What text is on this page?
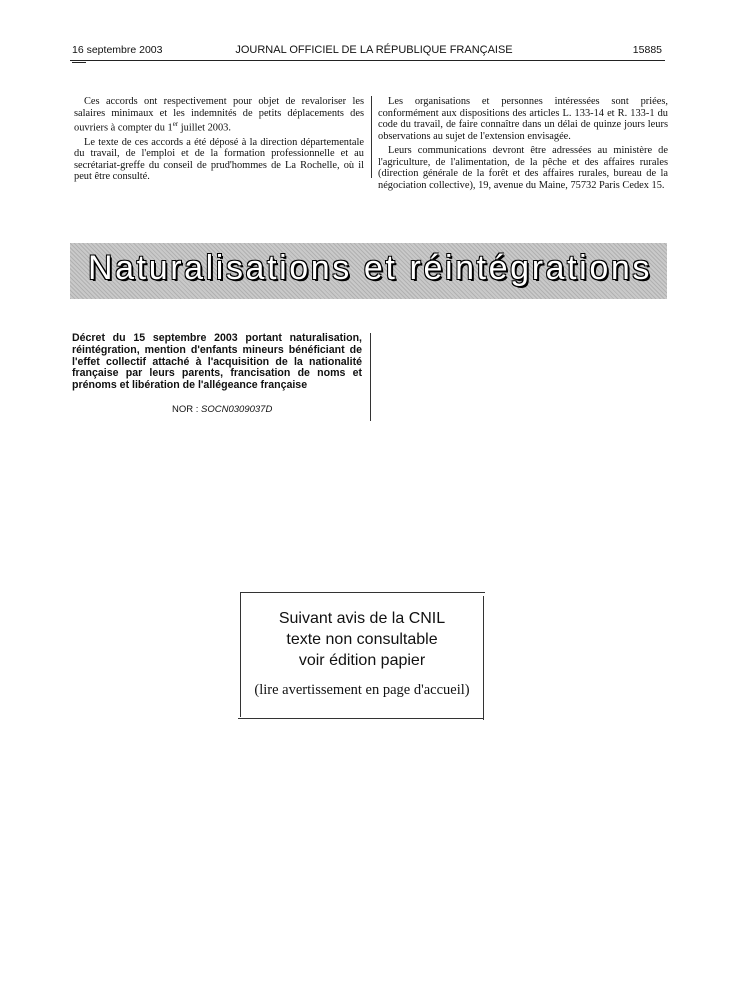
16 septembre 2003	JOURNAL OFFICIEL DE LA RÉPUBLIQUE FRANÇAISE	15885

Ces accords ont respectivement pour objet de revaloriser les salaires minimaux et les indemnités de petits déplacements des ouvriers à compter du 1er juillet 2003.

Le texte de ces accords a été déposé à la direction départementale du travail, de l'emploi et de la formation professionnelle et au secrétariat-greffe du conseil de prud'hommes de La Rochelle, où il peut être consulté.

Les organisations et personnes intéressées sont priées, conformément aux dispositions des articles L. 133-14 et R. 133-1 du code du travail, de faire connaître dans un délai de quinze jours leurs observations au sujet de l'extension envisagée.

Leurs communications devront être adressées au ministère de l'agriculture, de l'alimentation, de la pêche et des affaires rurales (direction générale de la forêt et des affaires rurales, bureau de la négociation collective), 19, avenue du Maine, 75732 Paris Cedex 15.

Naturalisations et réintégrations
Décret du 15 septembre 2003 portant naturalisation, réintégration, mention d'enfants mineurs bénéficiant de l'effet collectif attaché à l'acquisition de la nationalité française par leurs parents, francisation de noms et prénoms et libération de l'allégeance française
NOR : SOCN0309037D
Suivant avis de la CNIL
texte non consultable
voir édition papier
(lire avertissement en page d'accueil)
